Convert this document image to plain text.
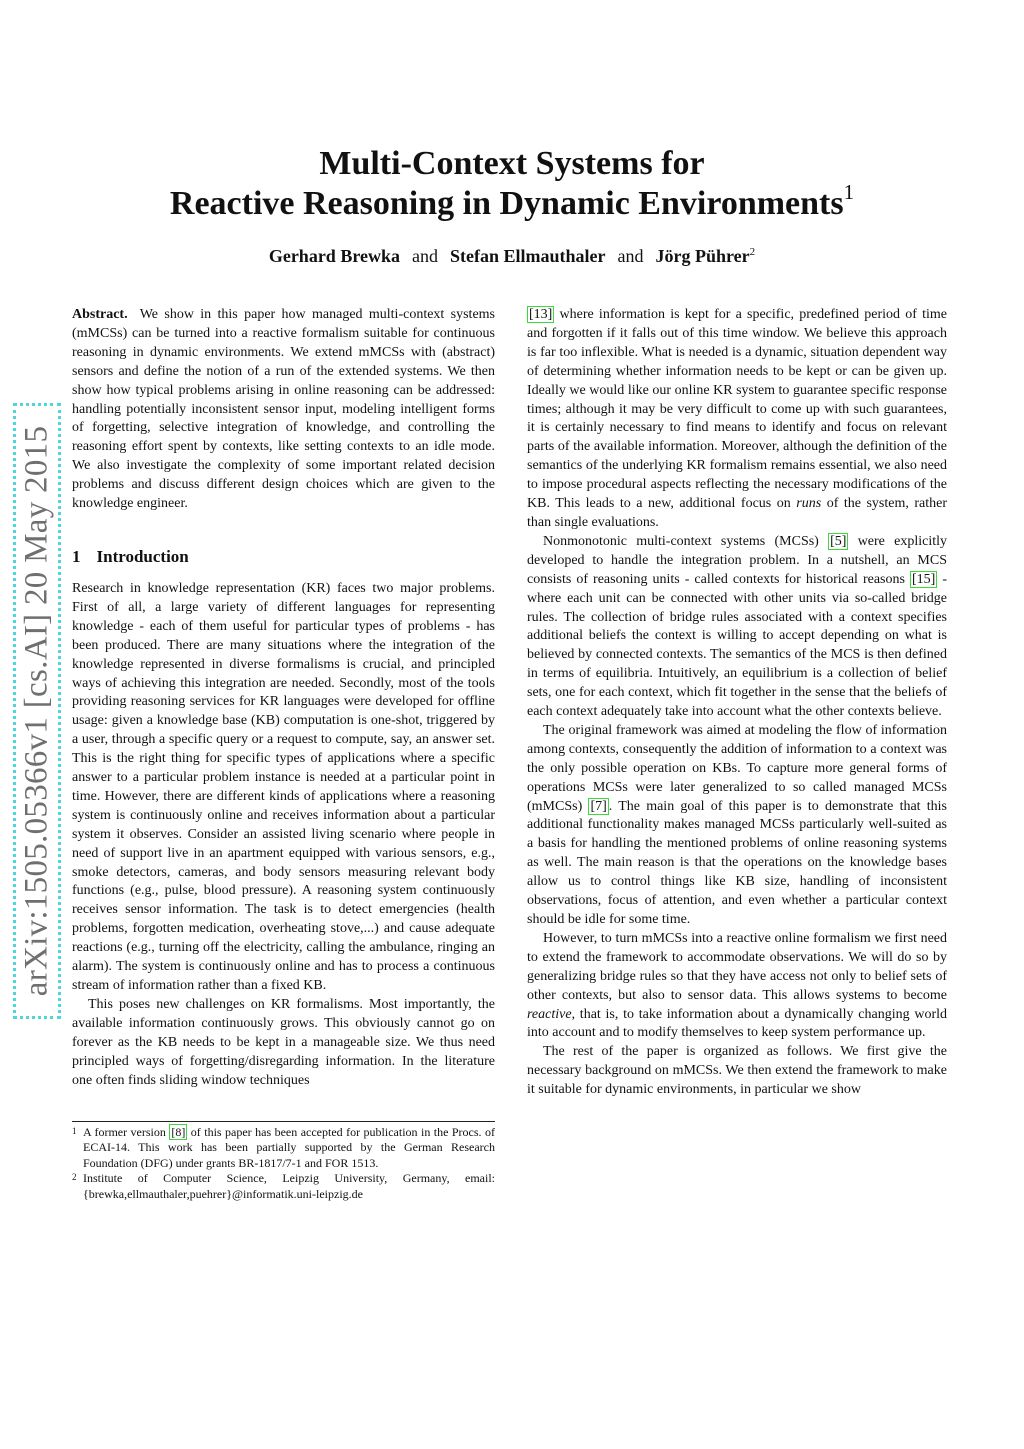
arXiv:1505.05366v1 [cs.AI] 20 May 2015
Multi-Context Systems for
Reactive Reasoning in Dynamic Environments$^1$
Gerhard Brewka and Stefan Ellmauthaler and Jörg Pührer$^2$

Abstract. We show in this paper how managed multi-context systems (mMCSs) can be turned into a reactive formalism suitable for continuous reasoning in dynamic environments. We extend mMCSs with (abstract) sensors and define the notion of a run of the extended systems. We then show how typical problems arising in online reasoning can be addressed: handling potentially inconsistent sensor input, modeling intelligent forms of forgetting, selective integration of knowledge, and controlling the reasoning effort spent by contexts, like setting contexts to an idle mode. We also investigate the complexity of some important related decision problems and discuss different design choices which are given to the knowledge engineer.

1 Introduction

Research in knowledge representation (KR) faces two major problems. First of all, a large variety of different languages for representing knowledge - each of them useful for particular types of problems - has been produced. There are many situations where the integration of the knowledge represented in diverse formalisms is crucial, and principled ways of achieving this integration are needed. Secondly, most of the tools providing reasoning services for KR languages were developed for offline usage: given a knowledge base (KB) computation is one-shot, triggered by a user, through a specific query or a request to compute, say, an answer set. This is the right thing for specific types of applications where a specific answer to a particular problem instance is needed at a particular point in time. However, there are different kinds of applications where a reasoning system is continuously online and receives information about a particular system it observes. Consider an assisted living scenario where people in need of support live in an apartment equipped with various sensors, e.g., smoke detectors, cameras, and body sensors measuring relevant body functions (e.g., pulse, blood pressure). A reasoning system continuously receives sensor information. The task is to detect emergencies (health problems, forgotten medication, overheating stove,...) and cause adequate reactions (e.g., turning off the electricity, calling the ambulance, ringing an alarm). The system is continuously online and has to process a continuous stream of information rather than a fixed KB.

This poses new challenges on KR formalisms. Most importantly, the available information continuously grows. This obviously cannot go on forever as the KB needs to be kept in a manageable size. We thus need principled ways of forgetting/disregarding information. In the literature one often finds sliding window techniques

[13] where information is kept for a specific, predefined period of time and forgotten if it falls out of this time window. We believe this approach is far too inflexible. What is needed is a dynamic, situation dependent way of determining whether information needs to be kept or can be given up. Ideally we would like our online KR system to guarantee specific response times; although it may be very difficult to come up with such guarantees, it is certainly necessary to find means to identify and focus on relevant parts of the available information. Moreover, although the definition of the semantics of the underlying KR formalism remains essential, we also need to impose procedural aspects reflecting the necessary modifications of the KB. This leads to a new, additional focus on runs of the system, rather than single evaluations.

Nonmonotonic multi-context systems (MCSs) [5] were explicitly developed to handle the integration problem. In a nutshell, an MCS consists of reasoning units - called contexts for historical reasons [15] - where each unit can be connected with other units via so-called bridge rules. The collection of bridge rules associated with a context specifies additional beliefs the context is willing to accept depending on what is believed by connected contexts. The semantics of the MCS is then defined in terms of equilibria. Intuitively, an equilibrium is a collection of belief sets, one for each context, which fit together in the sense that the beliefs of each context adequately take into account what the other contexts believe.

The original framework was aimed at modeling the flow of information among contexts, consequently the addition of information to a context was the only possible operation on KBs. To capture more general forms of operations MCSs were later generalized to so called managed MCSs (mMCSs) [7] . The main goal of this paper is to demonstrate that this additional functionality makes managed MCSs particularly well-suited as a basis for handling the mentioned problems of online reasoning systems as well. The main reason is that the operations on the knowledge bases allow us to control things like KB size, handling of inconsistent observations, focus of attention, and even whether a particular context should be idle for some time.

However, to turn mMCSs into a reactive online formalism we first need to extend the framework to accommodate observations. We will do so by generalizing bridge rules so that they have access not only to belief sets of other contexts, but also to sensor data. This allows systems to become reactive, that is, to take information about a dynamically changing world into account and to modify themselves to keep system performance up.

The rest of the paper is organized as follows. We first give the necessary background on mMCSs. We then extend the framework to make it suitable for dynamic environments, in particular we show

1 A former version [8] of this paper has been accepted for publication in the Procs. of ECAI-14. This work has been partially supported by the German Research Foundation (DFG) under grants BR-1817/7-1 and FOR 1513.
2 Institute of Computer Science, Leipzig University, Germany, email: {brewka,ellmauthaler,puehrer}@informatik.uni-leipzig.de
